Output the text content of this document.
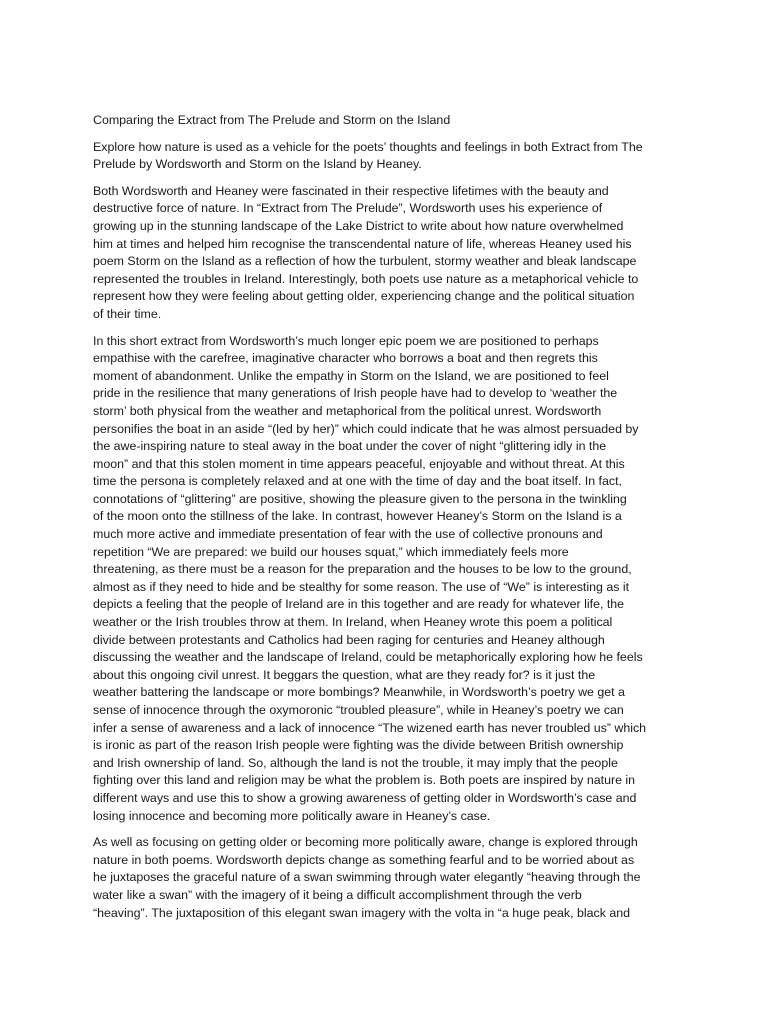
Comparing the Extract from The Prelude and Storm on the Island

Explore how nature is used as a vehicle for the poets’ thoughts and feelings in both Extract from The
Prelude by Wordsworth and Storm on the Island by Heaney.

Both Wordsworth and Heaney were fascinated in their respective lifetimes with the beauty and
destructive force of nature. In “Extract from The Prelude”, Wordsworth uses his experience of
growing up in the stunning landscape of the Lake District to write about how nature overwhelmed
him at times and helped him recognise the transcendental nature of life, whereas Heaney used his
poem Storm on the Island as a reflection of how the turbulent, stormy weather and bleak landscape
represented the troubles in Ireland. Interestingly, both poets use nature as a metaphorical vehicle to
represent how they were feeling about getting older, experiencing change and the political situation
of their time.

In this short extract from Wordsworth’s much longer epic poem we are positioned to perhaps
empathise with the carefree, imaginative character who borrows a boat and then regrets this
moment of abandonment. Unlike the empathy in Storm on the Island, we are positioned to feel
pride in the resilience that many generations of Irish people have had to develop to ‘weather the
storm’ both physical from the weather and metaphorical from the political unrest. Wordsworth
personifies the boat in an aside “(led by her)” which could indicate that he was almost persuaded by
the awe-inspiring nature to steal away in the boat under the cover of night “glittering idly in the
moon” and that this stolen moment in time appears peaceful, enjoyable and without threat. At this
time the persona is completely relaxed and at one with the time of day and the boat itself. In fact,
connotations of “glittering” are positive, showing the pleasure given to the persona in the twinkling
of the moon onto the stillness of the lake. In contrast, however Heaney’s Storm on the Island is a
much more active and immediate presentation of fear with the use of collective pronouns and
repetition “We are prepared: we build our houses squat,” which immediately feels more
threatening, as there must be a reason for the preparation and the houses to be low to the ground,
almost as if they need to hide and be stealthy for some reason. The use of “We” is interesting as it
depicts a feeling that the people of Ireland are in this together and are ready for whatever life, the
weather or the Irish troubles throw at them. In Ireland, when Heaney wrote this poem a political
divide between protestants and Catholics had been raging for centuries and Heaney although
discussing the weather and the landscape of Ireland, could be metaphorically exploring how he feels
about this ongoing civil unrest. It beggars the question, what are they ready for? is it just the
weather battering the landscape or more bombings? Meanwhile, in Wordsworth’s poetry we get a
sense of innocence through the oxymoronic “troubled pleasure”, while in Heaney’s poetry we can
infer a sense of awareness and a lack of innocence “The wizened earth has never troubled us” which
is ironic as part of the reason Irish people were fighting was the divide between British ownership
and Irish ownership of land. So, although the land is not the trouble, it may imply that the people
fighting over this land and religion may be what the problem is. Both poets are inspired by nature in
different ways and use this to show a growing awareness of getting older in Wordsworth’s case and
losing innocence and becoming more politically aware in Heaney’s case.

As well as focusing on getting older or becoming more politically aware, change is explored through
nature in both poems. Wordsworth depicts change as something fearful and to be worried about as
he juxtaposes the graceful nature of a swan swimming through water elegantly “heaving through the
water like a swan” with the imagery of it being a difficult accomplishment through the verb
“heaving”. The juxtaposition of this elegant swan imagery with the volta in “a huge peak, black and
